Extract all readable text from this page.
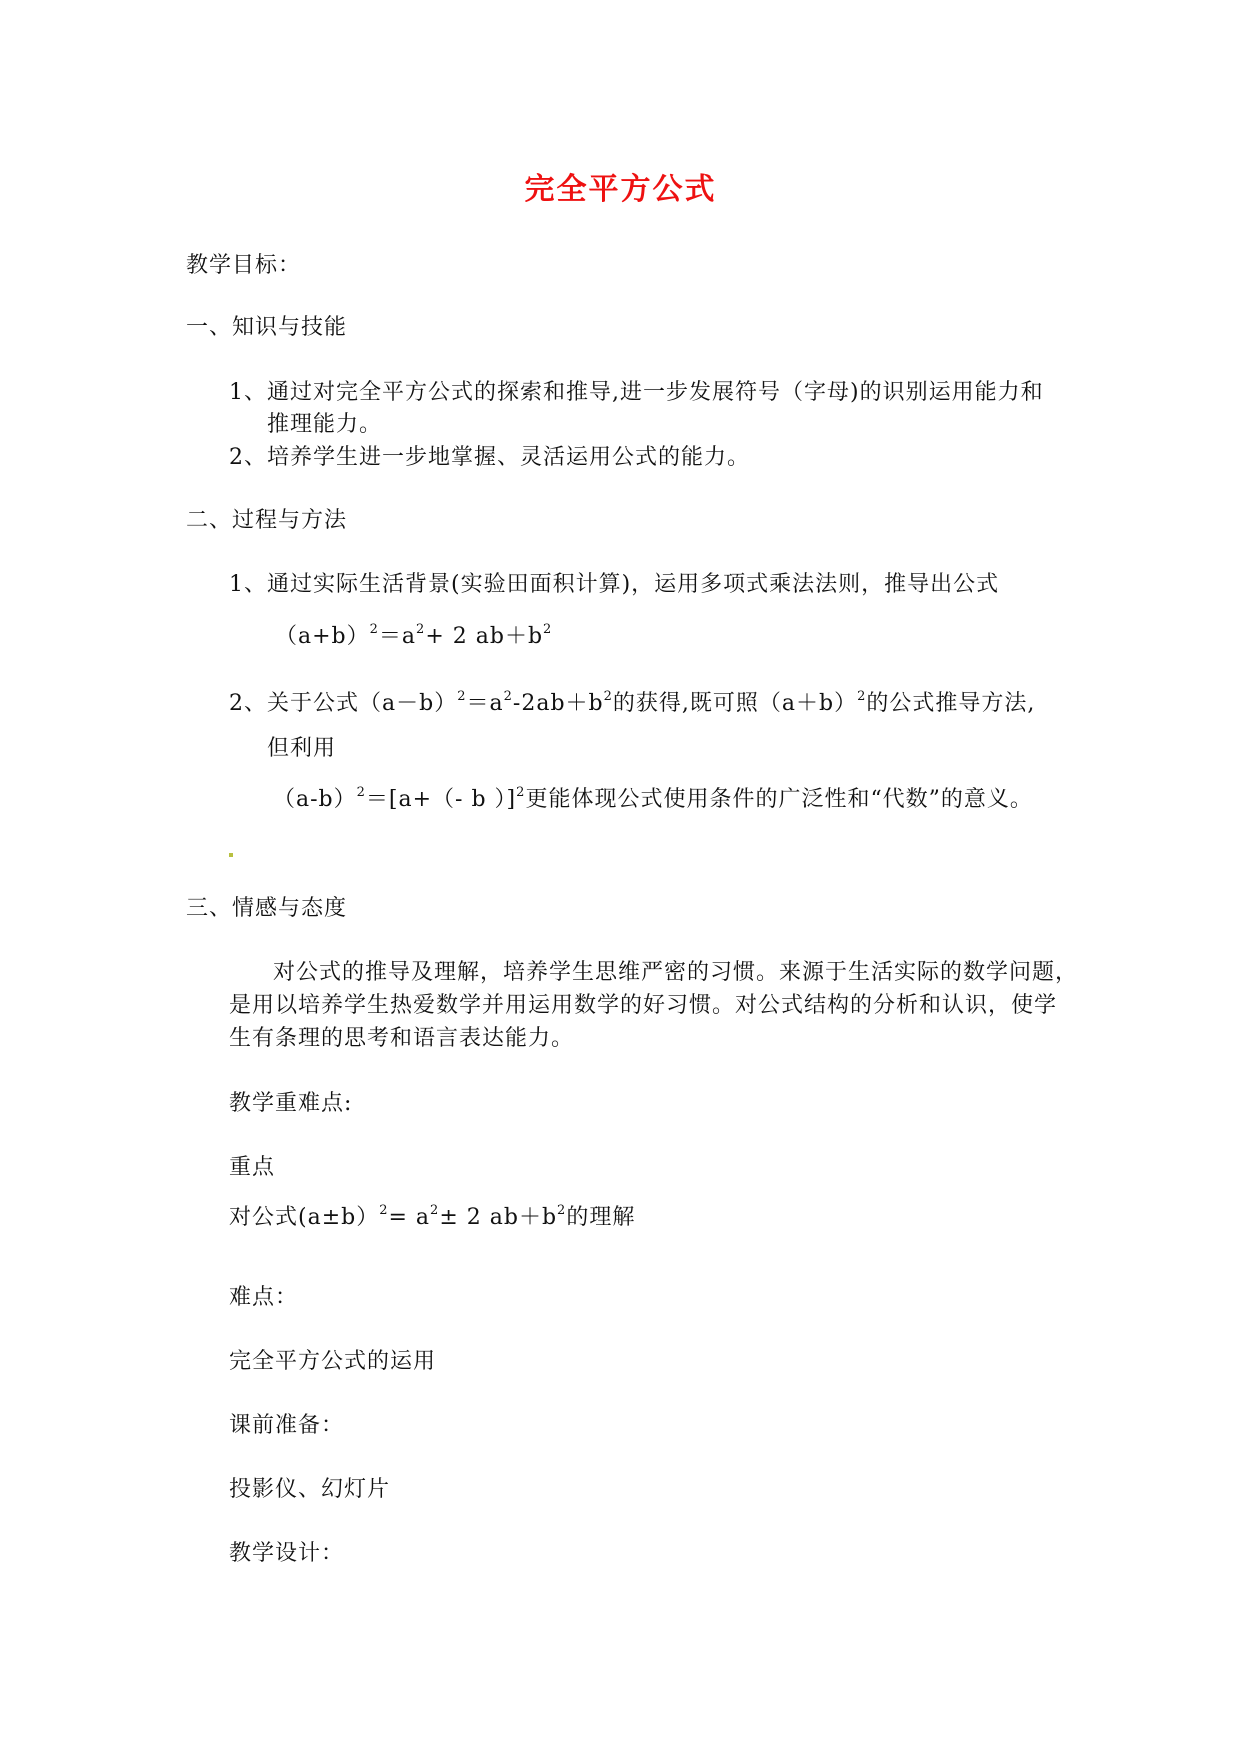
完全平方公式
教学目标：
一、知识与技能
1、 通过对完全平方公式的探索和推导,进一步发展符号（字母)的识别运用能力和
推理能力。
2、 培养学生进一步地掌握、灵活运用公式的能力。
二、过程与方法
1、 通过实际生活背景(实验田面积计算)，运用多项式乘法法则，推导出公式
$(a+b)^2=a^2+ 2$ $ab+b^2$
2、 关于公式$(a-b)^2=a^2-2ab+b^2$的获得,既可照$(a+b)^2$的公式推导方法,
但利用
$(a-b)^2=[a+(-$ b ）]$^2$更能体现公式使用条件的广泛性和“代数”的意义。
三、情感与态度
对公式的推导及理解，培养学生思维严密的习惯。来源于生活实际的数学问题，
是用以培养学生热爱数学并用运用数学的好习惯。对公式结构的分析和认识，使学
生有条理的思考和语言表达能力。
教学重难点:
重点
对公式$(a\pm b)^2= a^2\pm 2$ $ab+b^2$的理解
难点：
完全平方公式的运用
课前准备：
投影仪、幻灯片
教学设计：
